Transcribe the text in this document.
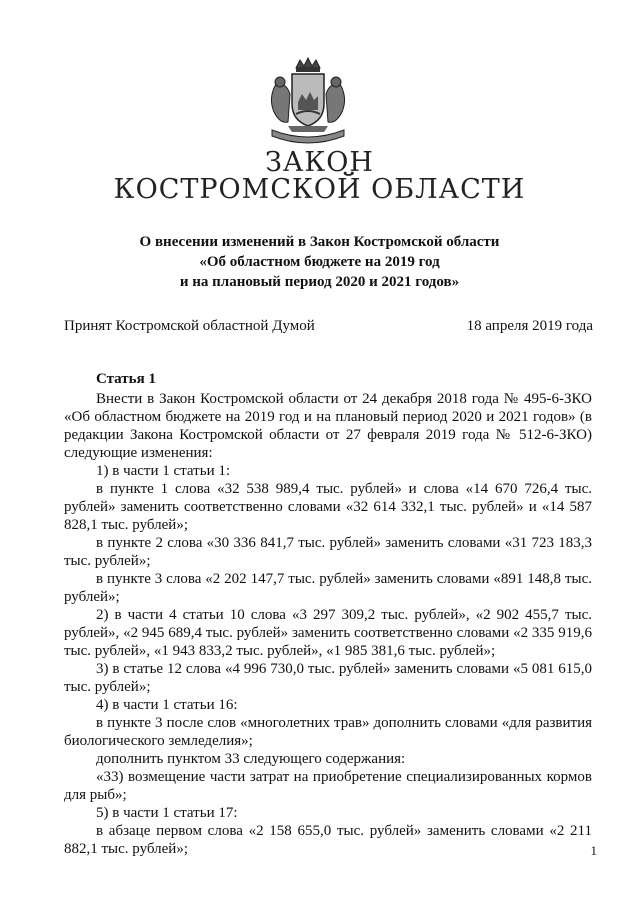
ЗАКОН
КОСТРОМСКОЙ ОБЛАСТИ
О внесении изменений в Закон Костромской области
«Об областном бюджете на 2019 год
и на плановый период 2020 и 2021 годов»
Принят Костромской областной Думой	18 апреля 2019 года

Статья 1

Внести в Закон Костромской области от 24 декабря 2018 года № 495-6-ЗКО «Об областном бюджете на 2019 год и на плановый период 2020 и 2021 годов» (в редакции Закона Костромской области от 27 февраля 2019 года № 512-6-ЗКО) следующие изменения:

1) в части 1 статьи 1:

в пункте 1 слова «32 538 989,4 тыс. рублей» и слова «14 670 726,4 тыс. рублей» заменить соответственно словами «32 614 332,1 тыс. рублей» и «14 587 828,1 тыс. рублей»;

в пункте 2 слова «30 336 841,7 тыс. рублей» заменить словами «31 723 183,3 тыс. рублей»;

в пункте 3 слова «2 202 147,7 тыс. рублей» заменить словами «891 148,8 тыс. рублей»;

2) в части 4 статьи 10 слова «3 297 309,2 тыс. рублей», «2 902 455,7 тыс. рублей», «2 945 689,4 тыс. рублей» заменить соответственно словами «2 335 919,6 тыс. рублей», «1 943 833,2 тыс. рублей», «1 985 381,6 тыс. рублей»;

3) в статье 12 слова «4 996 730,0 тыс. рублей» заменить словами «5 081 615,0 тыс. рублей»;

4) в части 1 статьи 16:

в пункте 3 после слов «многолетних трав» дополнить словами «для развития биологического земледелия»;

дополнить пунктом 33 следующего содержания:

«33) возмещение части затрат на приобретение специализированных кормов для рыб»;

5) в части 1 статьи 17:

в абзаце первом слова «2 158 655,0 тыс. рублей» заменить словами «2 211 882,1 тыс. рублей»;	1
